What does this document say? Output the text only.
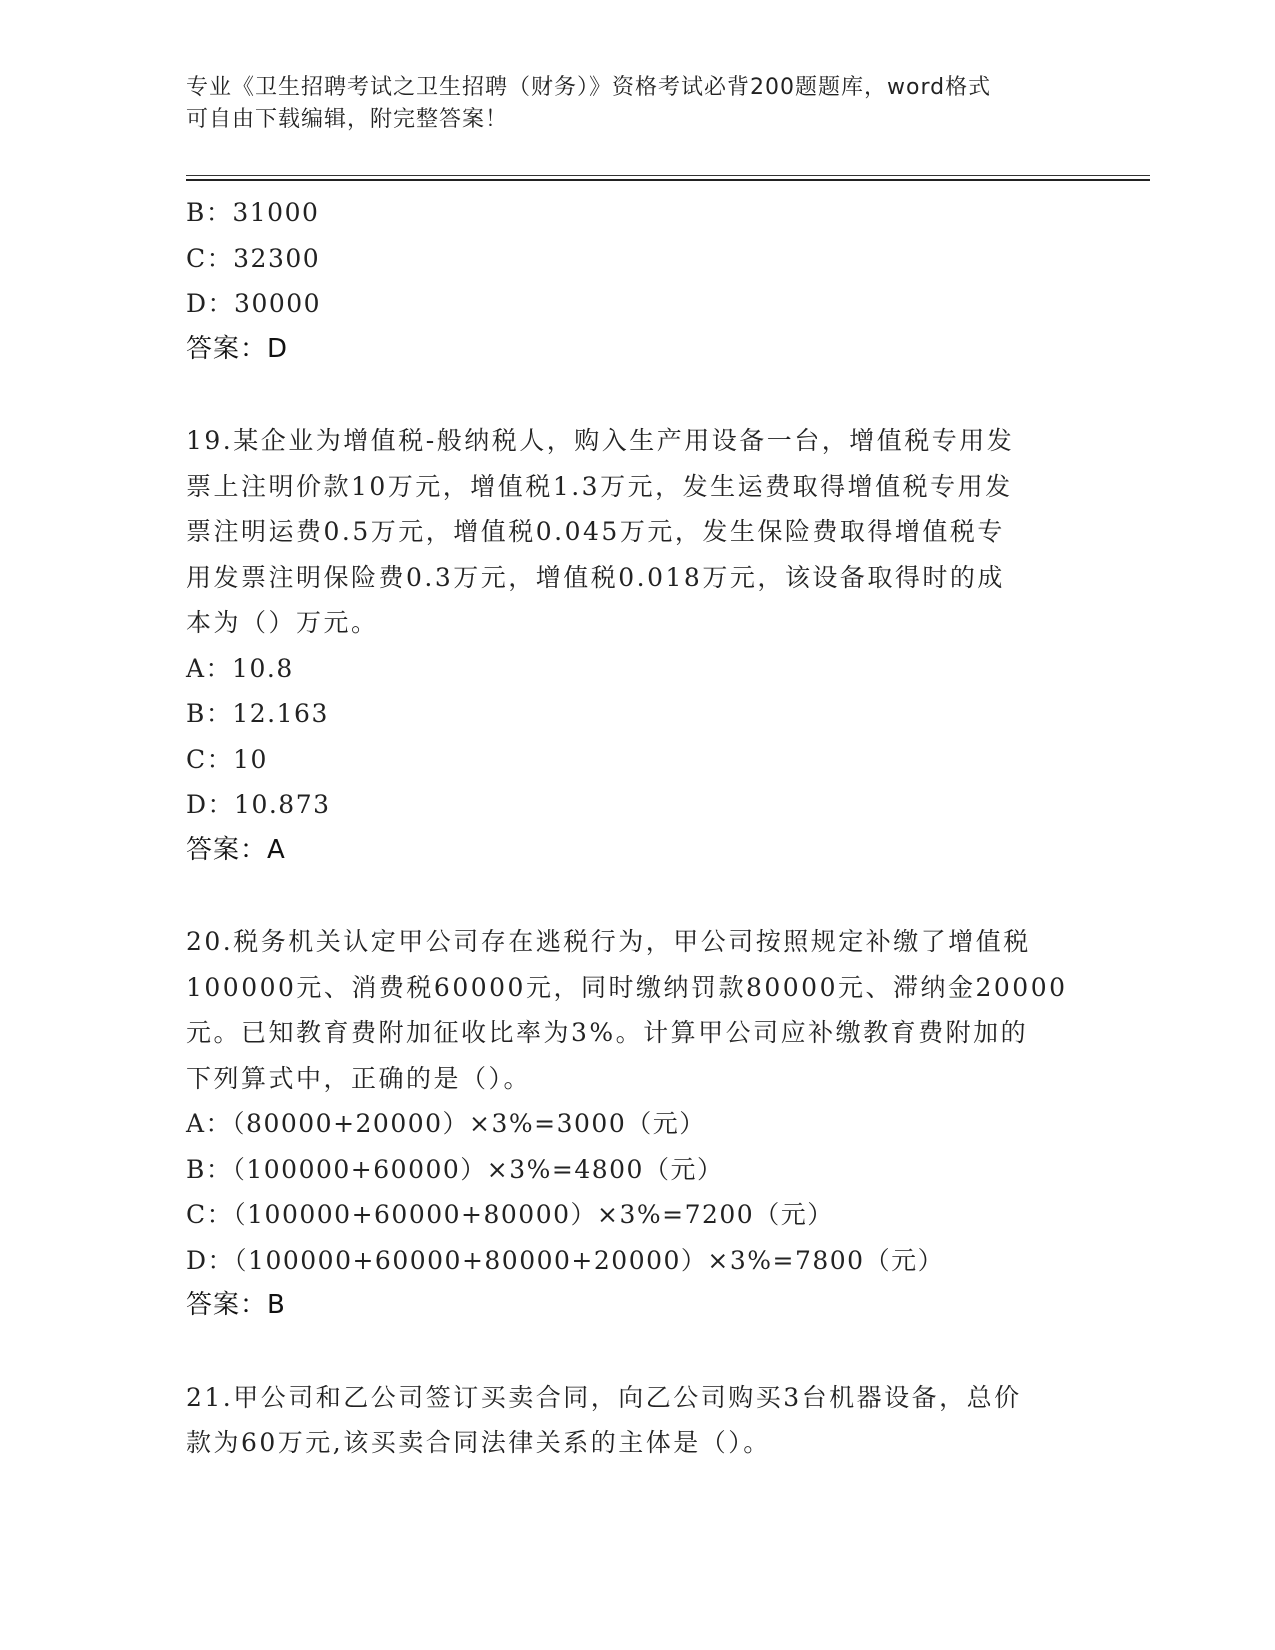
专业《卫生招聘考试之卫生招聘（财务）》资格考试必背200题题库，word格式
可自由下载编辑，附完整答案！
B：31000
C：32300
D：30000
答案：D
19.某企业为增值税-般纳税人，购入生产用设备一台，增值税专用发
票上注明价款10万元，增值税1.3万元，发生运费取得增值税专用发
票注明运费0.5万元，增值税0.045万元，发生保险费取得增值税专
用发票注明保险费0.3万元，增值税0.018万元，该设备取得时的成
本为（）万元。
A：10.8
B：12.163
C：10
D：10.873
答案：A
20.税务机关认定甲公司存在逃税行为，甲公司按照规定补缴了增值税
100000元、消费税60000元，同时缴纳罚款80000元、滞纳金20000
元。已知教育费附加征收比率为3%。计算甲公司应补缴教育费附加的
下列算式中，正确的是（）。
A：（80000+20000）×3%=3000（元）
B：（100000+60000）×3%=4800（元）
C：（100000+60000+80000）×3%=7200（元）
D：（100000+60000+80000+20000）×3%=7800（元）
答案：B
21.甲公司和乙公司签订买卖合同，向乙公司购买3台机器设备，总价
款为60万元,该买卖合同法律关系的主体是（）。
